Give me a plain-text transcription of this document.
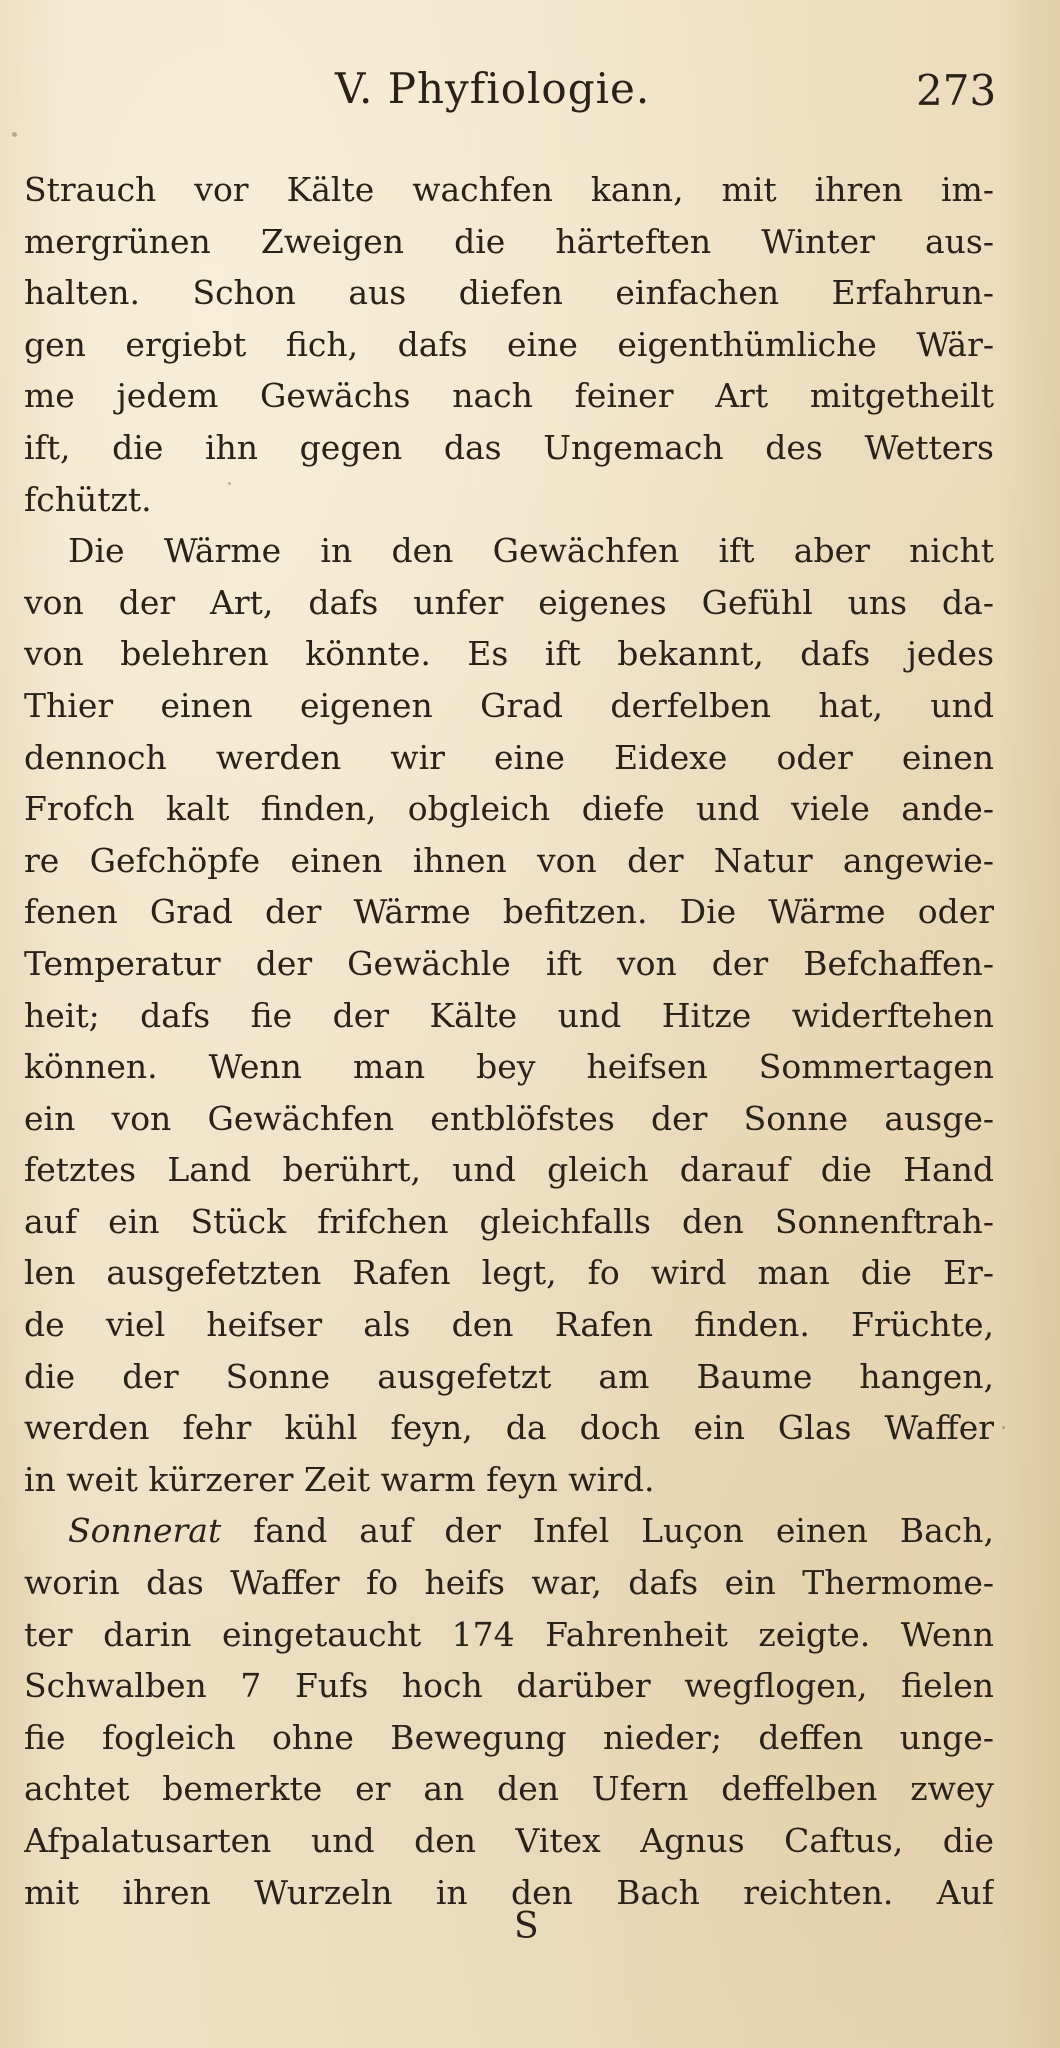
V. Phyfiologie.	273
Strauch vor Kälte wachfen kann, mit ihren im-
mergrünen Zweigen die härteften Winter aus-
halten. Schon aus diefen einfachen Erfahrun-
gen ergiebt fich, dafs eine eigenthümliche Wär-
me jedem Gewächs nach feiner Art mitgetheilt
ift, die ihn gegen das Ungemach des Wetters
fchützt.
Die Wärme in den Gewächfen ift aber nicht
von der Art, dafs unfer eigenes Gefühl uns da-
von belehren könnte. Es ift bekannt, dafs jedes
Thier einen eigenen Grad derfelben hat, und
dennoch werden wir eine Eidexe oder einen
Frofch kalt finden, obgleich diefe und viele ande-
re Gefchöpfe einen ihnen von der Natur angewie-
fenen Grad der Wärme befitzen. Die Wärme oder
Temperatur der Gewächle ift von der Befchaffen-
heit; dafs fie der Kälte und Hitze widerftehen
können. Wenn man bey heifsen Sommertagen
ein von Gewächfen entblöfstes der Sonne ausge-
fetztes Land berührt, und gleich darauf die Hand
auf ein Stück frifchen gleichfalls den Sonnenftrah-
len ausgefetzten Rafen legt, fo wird man die Er-
de viel heifser als den Rafen finden. Früchte,
die der Sonne ausgefetzt am Baume hangen,
werden fehr kühl feyn, da doch ein Glas Waffer
in weit kürzerer Zeit warm feyn wird.
Sonnerat fand auf der Infel Luçon einen Bach,
worin das Waffer fo heifs war, dafs ein Thermome-
ter darin eingetaucht 174 Fahrenheit zeigte. Wenn
Schwalben 7 Fufs hoch darüber wegflogen, fielen
fie fogleich ohne Bewegung nieder; deffen unge-
achtet bemerkte er an den Ufern deffelben zwey
Afpalatusarten und den Vitex Agnus Caftus, die
mit ihren Wurzeln in den Bach reichten. Auf
S
